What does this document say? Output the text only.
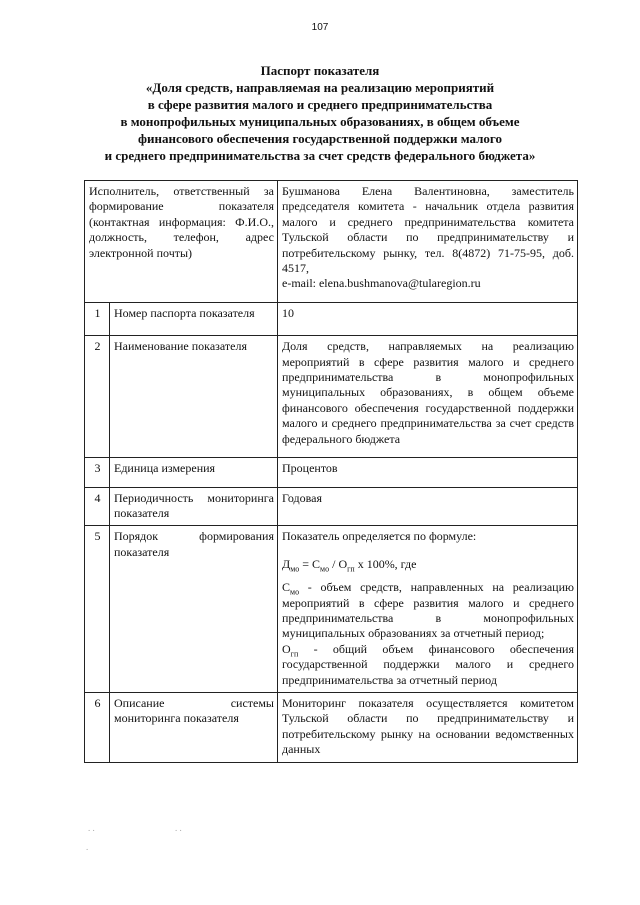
107
Паспорт показателя
«Доля средств, направляемая на реализацию мероприятий
в сфере развития малого и среднего предпринимательства
в монопрофильных муниципальных образованиях, в общем объеме
финансового обеспечения государственной поддержки малого
и среднего предпринимательства за счет средств федерального бюджета»
Исполнитель, ответственный за формирование показателя (контактная информация: Ф.И.О., должность, телефон, адрес электронной почты)		Бушманова Елена Валентиновна, заместитель председателя комитета - начальник отдела развития малого и среднего предпринимательства комитета Тульской области по предпринимательству и потребительскому рынку, тел. 8(4872) 71-75-95, доб. 4517,
e-mail: elena.bushmanova@tularegion.ru

1	Номер паспорта показателя	10

2	Наименование показателя	Доля средств, направляемых на реализацию мероприятий в сфере развития малого и среднего предпринимательства в монопрофильных муниципальных образованиях, в общем объеме финансового обеспечения государственной поддержки малого и среднего предпринимательства за счет средств федерального бюджета

3	Единица измерения	Процентов

4	Периодичность мониторинга показателя	Годовая
5	Порядок формирования показателя	Показатель определяется по формуле:
$Д_{мо} = С_{мо} / О_{гп}$ х 100%, где
$С_{мо}$ - объем средств, направленных на реализацию мероприятий в сфере развития малого и среднего предпринимательства в монопрофильных муниципальных образованиях за отчетный период;
$О_{гп}$ - общий объем финансового обеспечения государственной поддержки малого и среднего предпринимательства за отчетный период

6	Описание системы мониторинга показателя	Мониторинг показателя осуществляется комитетом Тульской области по предпринимательству и потребительскому рынку на основании ведомственных данных
. .
.
. .
